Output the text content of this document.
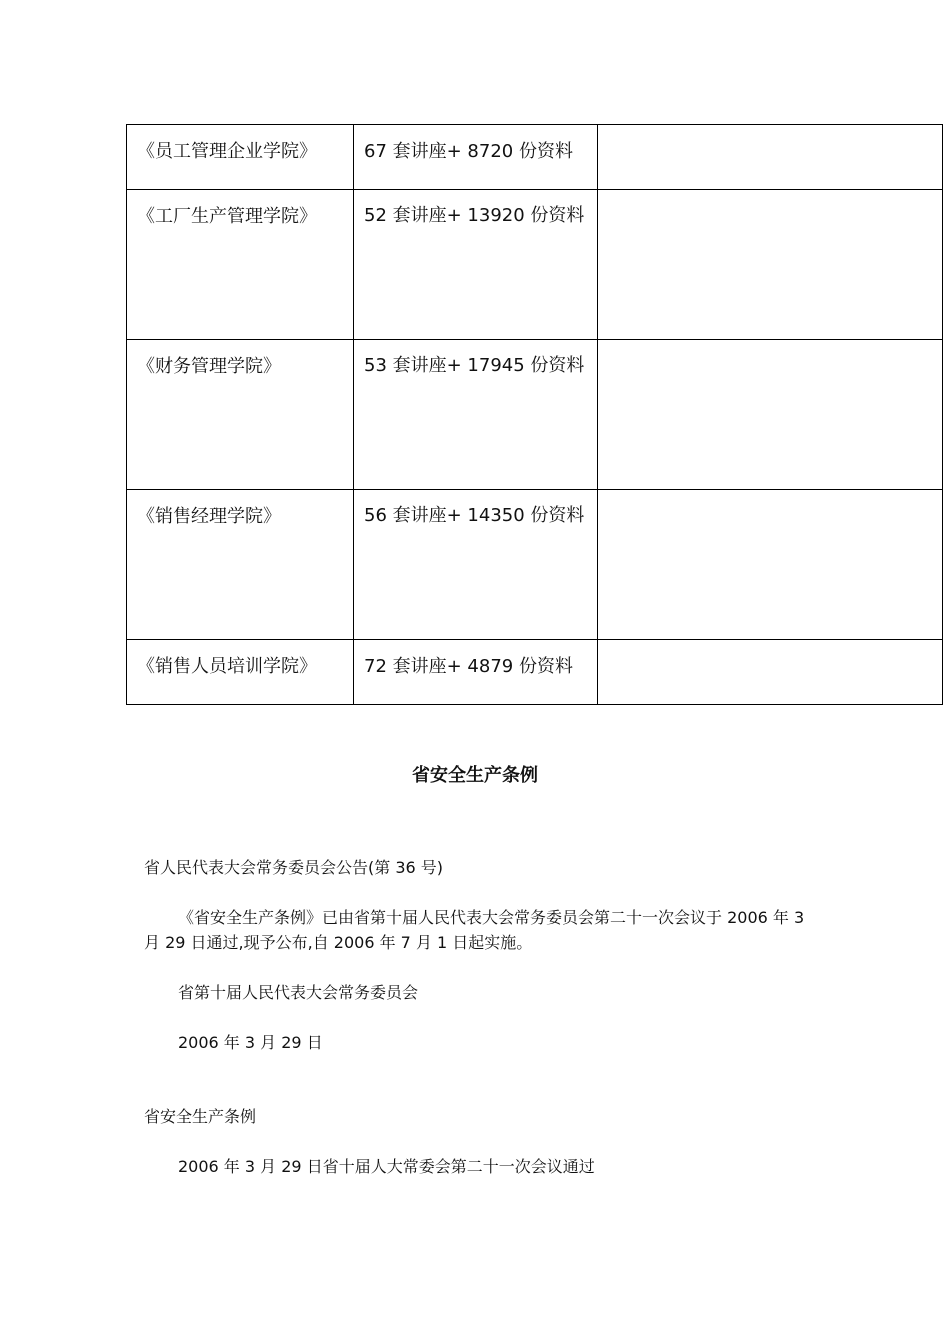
《员工管理企业学院》	67 套讲座+ 8720 份资料	

《工厂生产管理学院》	52 套讲座+ 13920 份资料	

《财务管理学院》	53 套讲座+ 17945 份资料	

《销售经理学院》	56 套讲座+ 14350 份资料	

《销售人员培训学院》	72 套讲座+ 4879 份资料	

省安全生产条例
省人民代表大会常务委员会公告(第 36 号)
《省安全生产条例》已由省第十届人民代表大会常务委员会第二十一次会议于 2006 年 3 月 29 日通过,现予公布,自 2006 年 7 月 1 日起实施。
省第十届人民代表大会常务委员会
2006 年 3 月 29 日
省安全生产条例
2006 年 3 月 29 日省十届人大常委会第二十一次会议通过
